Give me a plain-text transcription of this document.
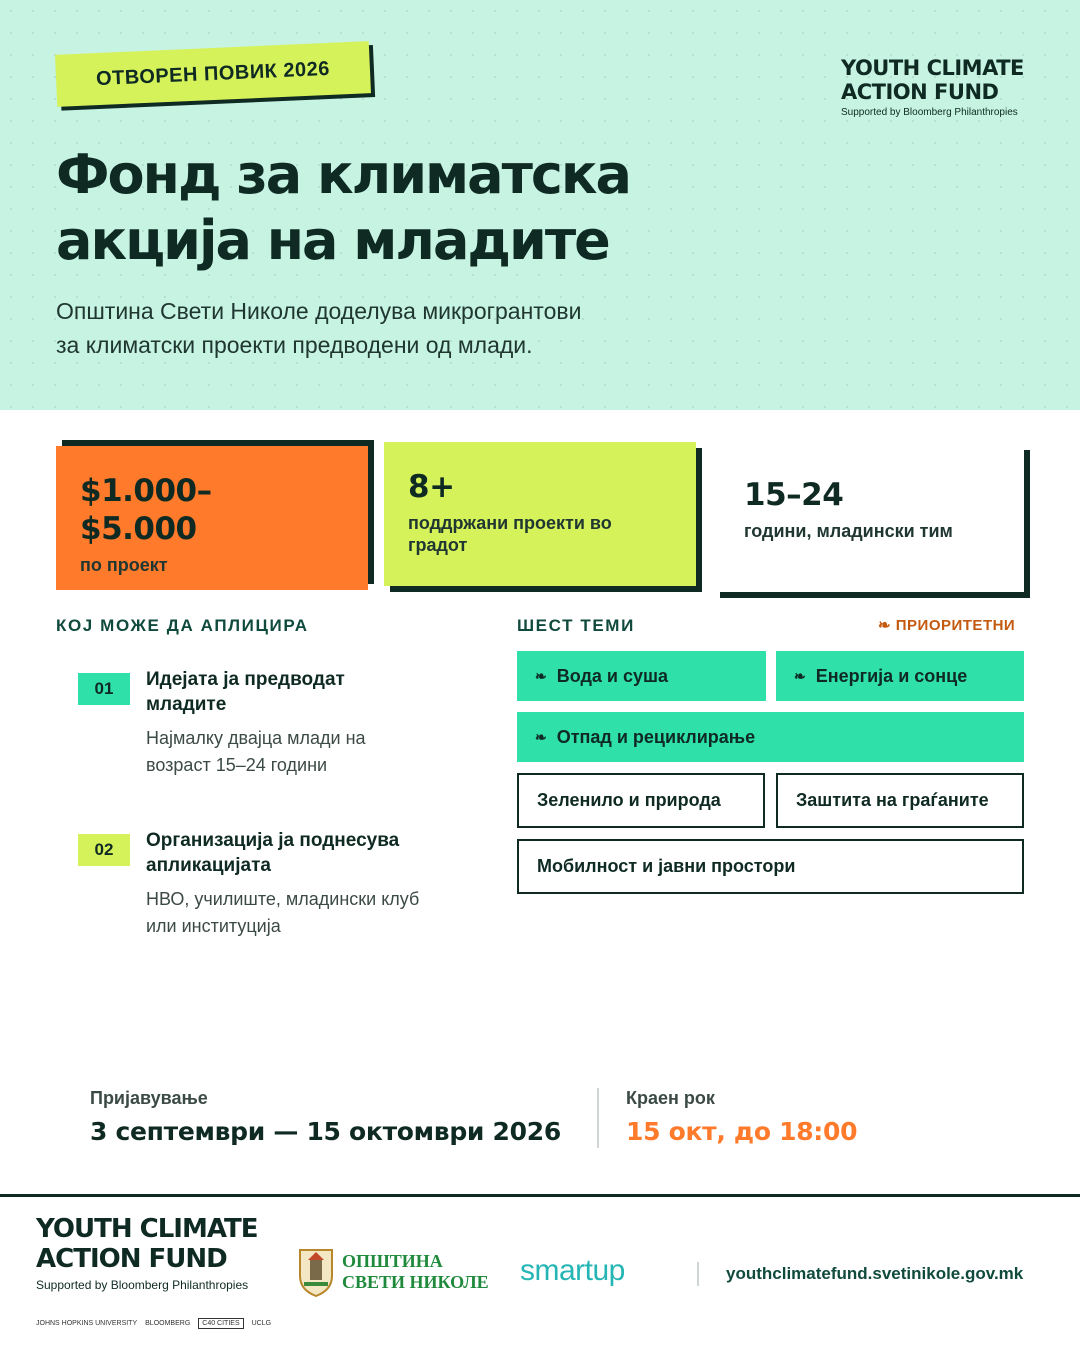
ОТВОРЕН ПОВИК 2026	YOUTH CLIMATE
ACTION FUND
Supported by Bloomberg Philanthropies
Фонд за климатска
акција на младите

Општина Свети Николе доделува микрогрантови
за климатски проекти предводени од млади.

$1.000–
$5.000
по проект
8+
поддржани проекти во
градот
15–24
години, младински тим
КОЈ МОЖЕ ДА АПЛИЦИРА
01	Идејата ја предводат
младите
Најмалку двајца млади на
возраст 15–24 години
02	Организација ја поднесува
апликацијата
НВО, училиште, младински клуб
или институција
ШЕСТ ТЕМИ	❧ ПРИОРИТЕТНИ
❧ Вода и суша	❧ Енергија и сонце
❧ Отпад и рециклирање
Зеленило и природа	Заштита на граѓаните
Мобилност и јавни простори
Пријавување
3 септември — 15 октомври 2026
Краен рок
15 окт, до 18:00
YOUTH CLIMATE
ACTION FUND
Supported by Bloomberg Philanthropies
ОПШТИНА
СВЕТИ НИКОЛЕ smartup	youthclimatefund.svetinikole.gov.mk
JOHNS HOPKINS UNIVERSITY BLOOMBERG	C40 CITIES	UCLG
